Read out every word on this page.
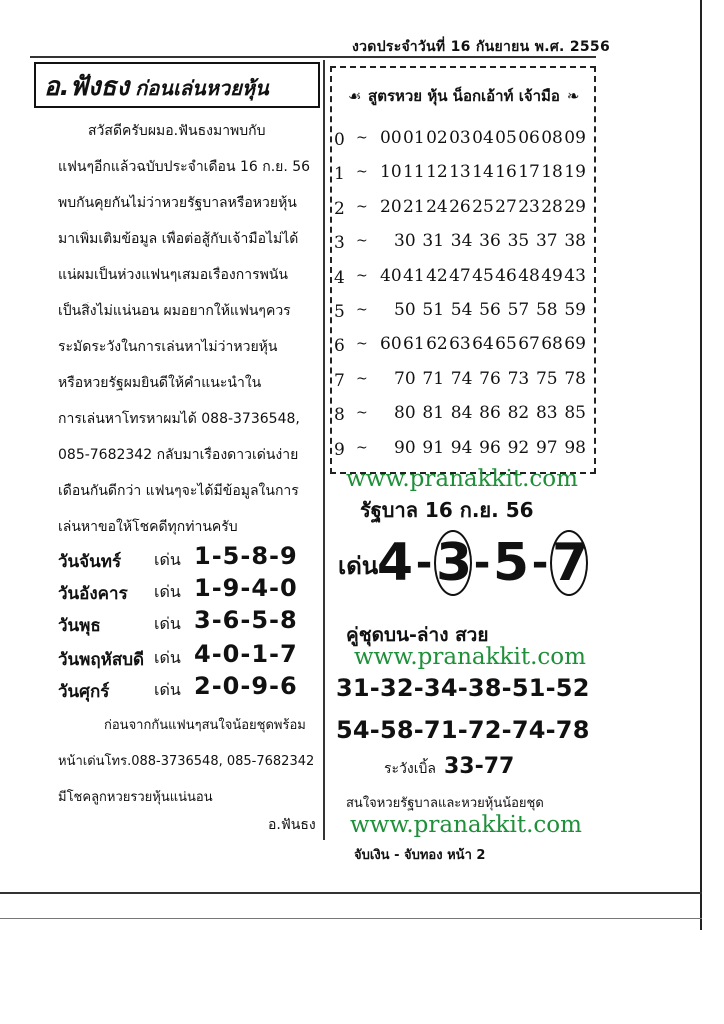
งวดประจำวันที่ 16 กันยายน พ.ศ. 2556
อ.ฟังธง ก่อนเล่นหวยหุ้น
สวัสดีครับผมอ.ฟันธงมาพบกับ
แฟนๆอีกแล้วฉบับประจำเดือน 16 ก.ย. 56
พบกันคุยกันไม่ว่าหวยรัฐบาลหรือหวยหุ้น
มาเพิ่มเติมข้อมูล เพื่อต่อสู้กับเจ้ามือไม่ได้
แน่ผมเป็นห่วงแฟนๆเสมอเรื่องการพนัน
เป็นสิ่งไม่แน่นอน ผมอยากให้แฟนๆควร
ระมัดระวังในการเล่นหาไม่ว่าหวยหุ้น
หรือหวยรัฐผมยินดีให้คำแนะนำใน
การเล่นหาโทรหาผมได้ 088-3736548,
085-7682342 กลับมาเรื่องดาวเด่นง่าย
เดือนกันดีกว่า แฟนๆจะได้มีข้อมูลในการ
เล่นหาขอให้โชคดีทุกท่านครับ
วันจันทร์ เด่น 1-5-8-9
วันอังคาร เด่น 1-9-4-0
วันพุธ	เด่น 3-6-5-8
วันพฤหัสบดี เด่น 4-0-1-7
วันศุกร์	เด่น 2-0-9-6
ก่อนจากกันแฟนๆสนใจน้อยชุดพร้อม
หน้าเด่นโทร.088-3736548, 085-7682342
มีโชคลูกหวยรวยหุ้นแน่นอน
อ.ฟันธง
☙ สูตรหวย หุ้น น็อกเอ้าท์ เจ้ามือ ❧
0 ~ 00 01 02 03 04 05 06 08 09
1 ~ 10 11 12 13 14 16 17 18 19
2 ~ 20 21 24 26 25 27 23 28 29
3 ~ 30 31 34 36 35 37 38
4 ~ 40 41 42 47 45 46 48 49 43
5 ~ 50 51 54 56 57 58 59
6 ~ 60 61 62 63 64 65 67 68 69
7 ~ 70 71 74 76 73 75 78
8 ~ 80 81 84 86 82 83 85
9 ~ 90 91 94 96 92 97 98
www.pranakkit.com
รัฐบาล 16 ก.ย. 56
เด่น
4 - 3 - 5 - 7
คู่ชุดบน-ล่าง สวย
www.pranakkit.com
31-32-34-38-51-52
54-58-71-72-74-78
ระวังเบิ้ล 33-77
สนใจหวยรัฐบาลและหวยหุ้นน้อยชุด
www.pranakkit.com
จับเงิน - จับทอง หน้า 2
